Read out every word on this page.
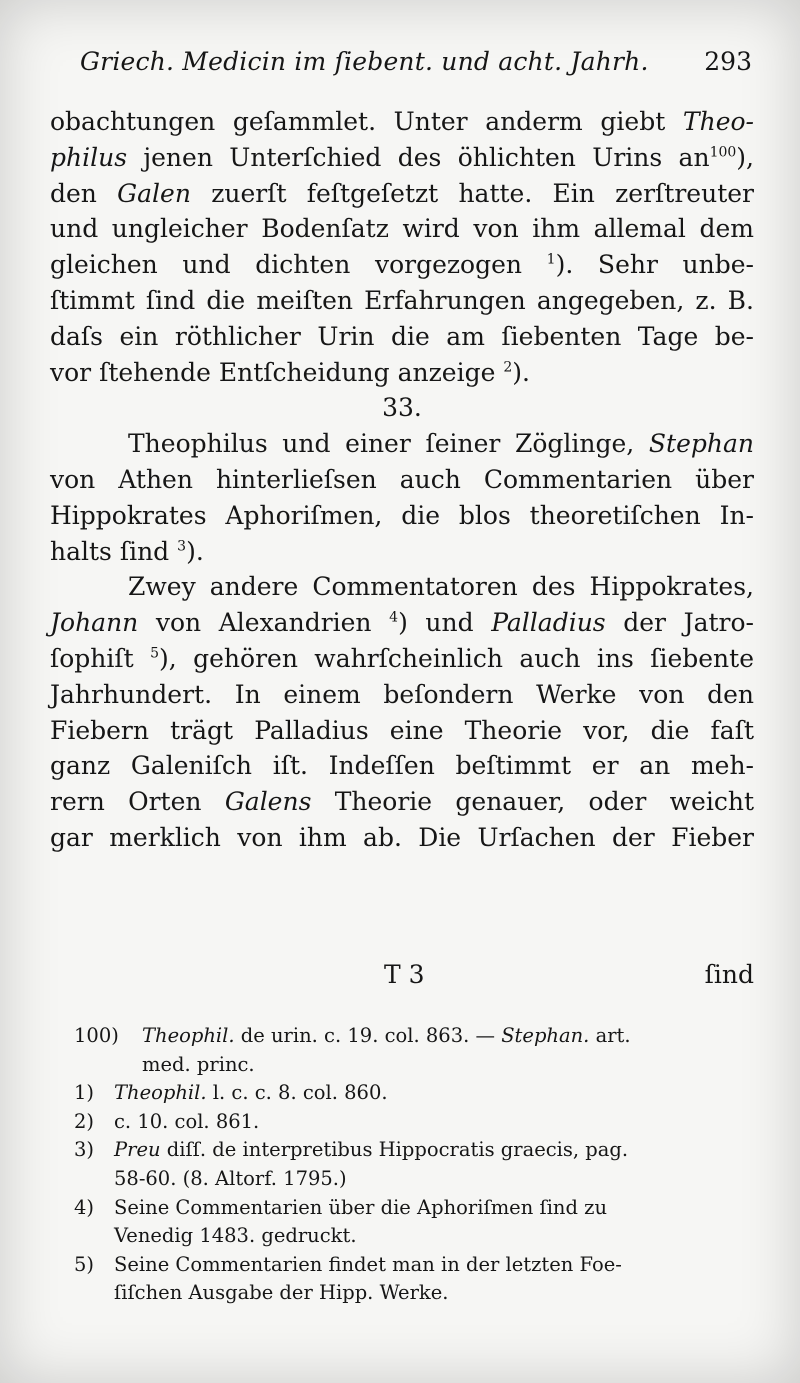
Griech. Medicin im ſiebent. und acht. Jahrh. 293
obachtungen geſammlet. Unter anderm giebt Theo-
philus jenen Unterſchied des öhlichten Urins $an^{100}$),
den Galen zuerſt feſtgeſetzt hatte. Ein zerſtreuter
und ungleicher Bodenſatz wird von ihm allemal dem
gleichen und dichten vorgezogen $^1$). Sehr unbe-
ſtimmt ſind die meiſten Erfahrungen angegeben, z. B.
daſs ein röthlicher Urin die am ſiebenten Tage be-
vor ſtehende Entſcheidung anzeige $^2$).
33.
Theophilus und einer ſeiner Zöglinge, Stephan
von Athen hinterlieſsen auch Commentarien über
Hippokrates Aphoriſmen, die blos theoretiſchen In-
halts ſind $^3$).
Zwey andere Commentatoren des Hippokrates,
Johann von Alexandrien $^4$) und Palladius der Jatro-
ſophiſt $^5$), gehören wahrſcheinlich auch ins ſiebente
Jahrhundert. In einem beſondern Werke von den
Fiebern trägt Palladius eine Theorie vor, die faſt
ganz Galeniſch iſt. Indeſſen beſtimmt er an meh-
rern Orten Galens Theorie genauer, oder weicht
gar merklich von ihm ab. Die Urſachen der Fieber
T 3	ſind
100) Theophil. de urin. c. 19. col. 863. — Stephan. art.
med. princ.
1) Theophil. l. c. c. 8. col. 860.
2) c. 10. col. 861.
3) Preu diſſ. de interpretibus Hippocratis graecis, pag.
58-60. (8. Altorf. 1795.)
4) Seine Commentarien über die Aphoriſmen ſind zu
Venedig 1483. gedruckt.
5) Seine Commentarien findet man in der letzten Foe-
ſiſchen Ausgabe der Hipp. Werke.
